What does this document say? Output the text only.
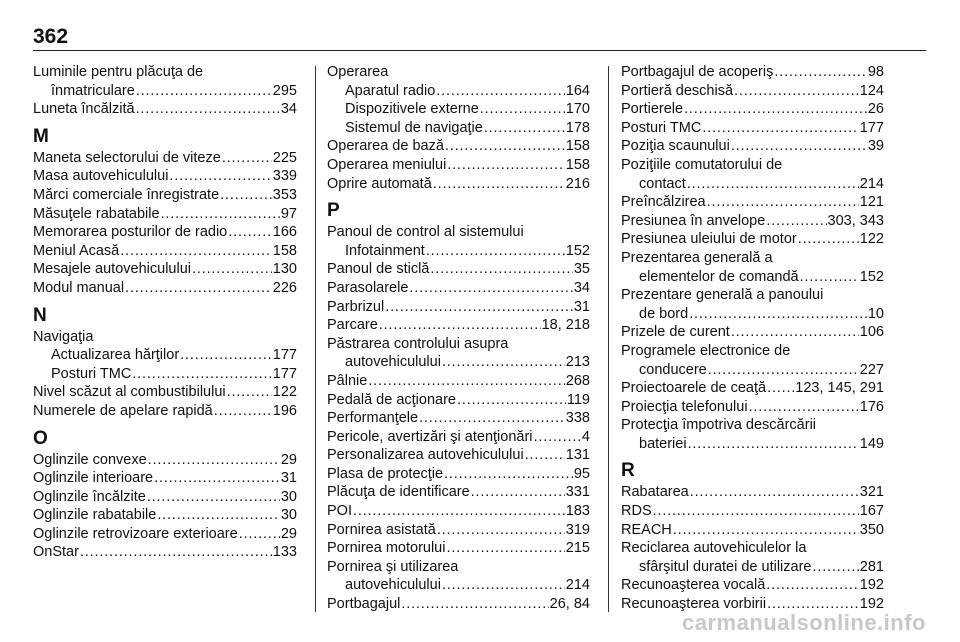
362
Luminile pentru plăcuţa de
înmatriculare . . .	295
Luneta încălzită . . .	34
M
Maneta selectorului de viteze . . .	225
Masa autovehiculului . . .	339
Mărci comerciale înregistrate . . .	353
Măsuţele rabatabile . . .	97
Memorarea posturilor de radio . . .	166
Meniul Acasă . . .	158
Mesajele autovehiculului . . .	130
Modul manual . . .	226
N
Navigaţia
Actualizarea hărţilor . . .	177
Posturi TMC . . .	177
Nivel scăzut al combustibilului . . .	122
Numerele de apelare rapidă . . .	196
O
Oglinzile convexe . . .	29
Oglinzile interioare . . .	31
Oglinzile încălzite . . .	30
Oglinzile rabatabile . . .	30
Oglinzile retrovizoare exterioare . . .	29
OnStar . . .	133
Operarea
Aparatul radio . . .	164
Dispozitivele externe . . .	170
Sistemul de navigaţie . . .	178
Operarea de bază . . .	158
Operarea meniului . . .	158
Oprire automată . . .	216
P
Panoul de control al sistemului
Infotainment . . .	152
Panoul de sticlă . . .	35
Parasolarele . . .	34
Parbrizul . . .	31
Parcare . . .	18, 218
Păstrarea controlului asupra
autovehiculului . . .	213
Pâlnie . . .	268
Pedală de acţionare . . .	119
Performanţele . . .	338
Pericole, avertizări şi atenţionări . . .	4
Personalizarea autovehiculului . . .	131
Plasa de protecţie . . .	95
Plăcuţa de identificare . . .	331
POI . . .	183
Pornirea asistată . . .	319
Pornirea motorului . . .	215
Pornirea şi utilizarea
autovehiculului . . .	214
Portbagajul . . .	26, 84
Portbagajul de acoperiş . . .	98
Portieră deschisă . . .	124
Portierele . . .	26
Posturi TMC . . .	177
Poziţia scaunului . . .	39
Poziţiile comutatorului de
contact . . .	214
Preîncălzirea . . .	121
Presiunea în anvelope . . .	303, 343
Presiunea uleiului de motor . . .	122
Prezentarea generală a
elementelor de comandă . . .	152
Prezentare generală a panoului
de bord . . .	10
Prizele de curent . . .	106
Programele electronice de
conducere . . .	227
Proiectoarele de ceaţă . . . 123, 145, 291
Proiecţia telefonului . . .	176
Protecţia împotriva descărcării
bateriei . . .	149
R
Rabatarea . . .	321
RDS . . .	167
REACH . . .	350
Reciclarea autovehiculelor la
sfârşitul duratei de utilizare . . .	281
Recunoaşterea vocală . . .	192
Recunoaşterea vorbirii . . .	192
carmanualsonline.info
